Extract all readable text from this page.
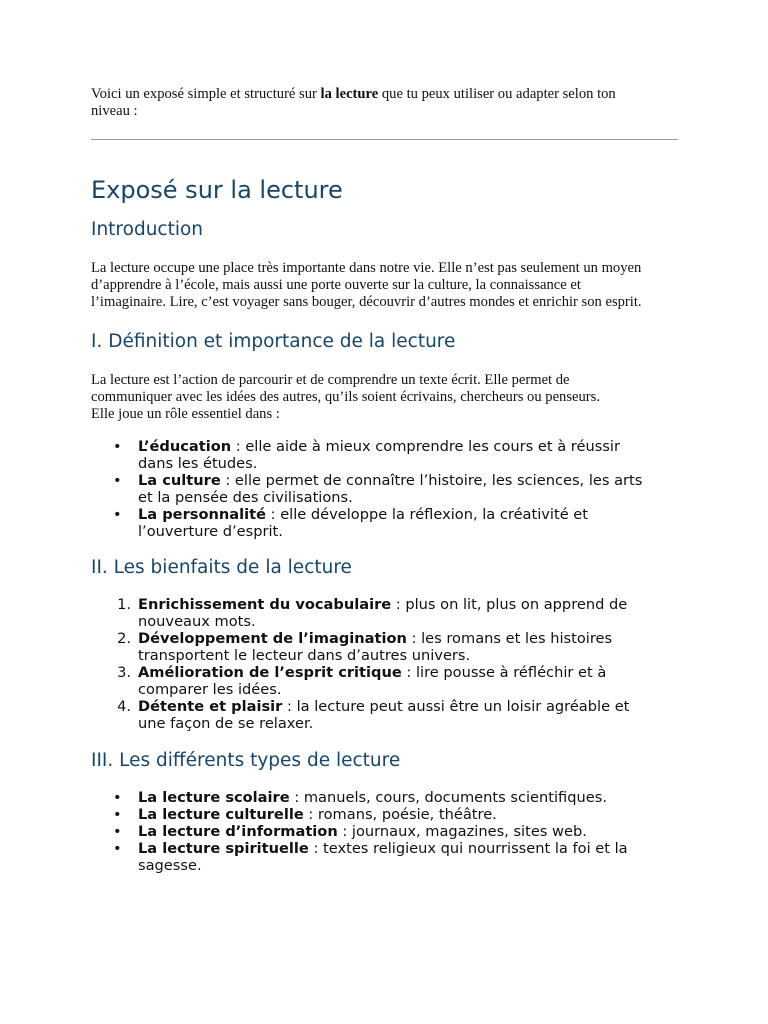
Voici un exposé simple et structuré sur la lecture que tu peux utiliser ou adapter selon ton
niveau :

Exposé sur la lecture
Introduction

La lecture occupe une place très importante dans notre vie. Elle n’est pas seulement un moyen
d’apprendre à l’école, mais aussi une porte ouverte sur la culture, la connaissance et
l’imaginaire. Lire, c’est voyager sans bouger, découvrir d’autres mondes et enrichir son esprit.

I. Définition et importance de la lecture

La lecture est l’action de parcourir et de comprendre un texte écrit. Elle permet de
communiquer avec les idées des autres, qu’ils soient écrivains, chercheurs ou penseurs.
Elle joue un rôle essentiel dans :

• L’éducation : elle aide à mieux comprendre les cours et à réussir
dans les études.
• La culture : elle permet de connaître l’histoire, les sciences, les arts
et la pensée des civilisations.
• La personnalité : elle développe la réflexion, la créativité et
l’ouverture d’esprit.
II. Les bienfaits de la lecture
1. Enrichissement du vocabulaire : plus on lit, plus on apprend de
nouveaux mots.
2. Développement de l’imagination : les romans et les histoires
transportent le lecteur dans d’autres univers.
3. Amélioration de l’esprit critique : lire pousse à réfléchir et à
comparer les idées.
4. Détente et plaisir : la lecture peut aussi être un loisir agréable et
une façon de se relaxer.
III. Les différents types de lecture
• La lecture scolaire : manuels, cours, documents scientifiques.
• La lecture culturelle : romans, poésie, théâtre.
• La lecture d’information : journaux, magazines, sites web.
• La lecture spirituelle : textes religieux qui nourrissent la foi et la
sagesse.
